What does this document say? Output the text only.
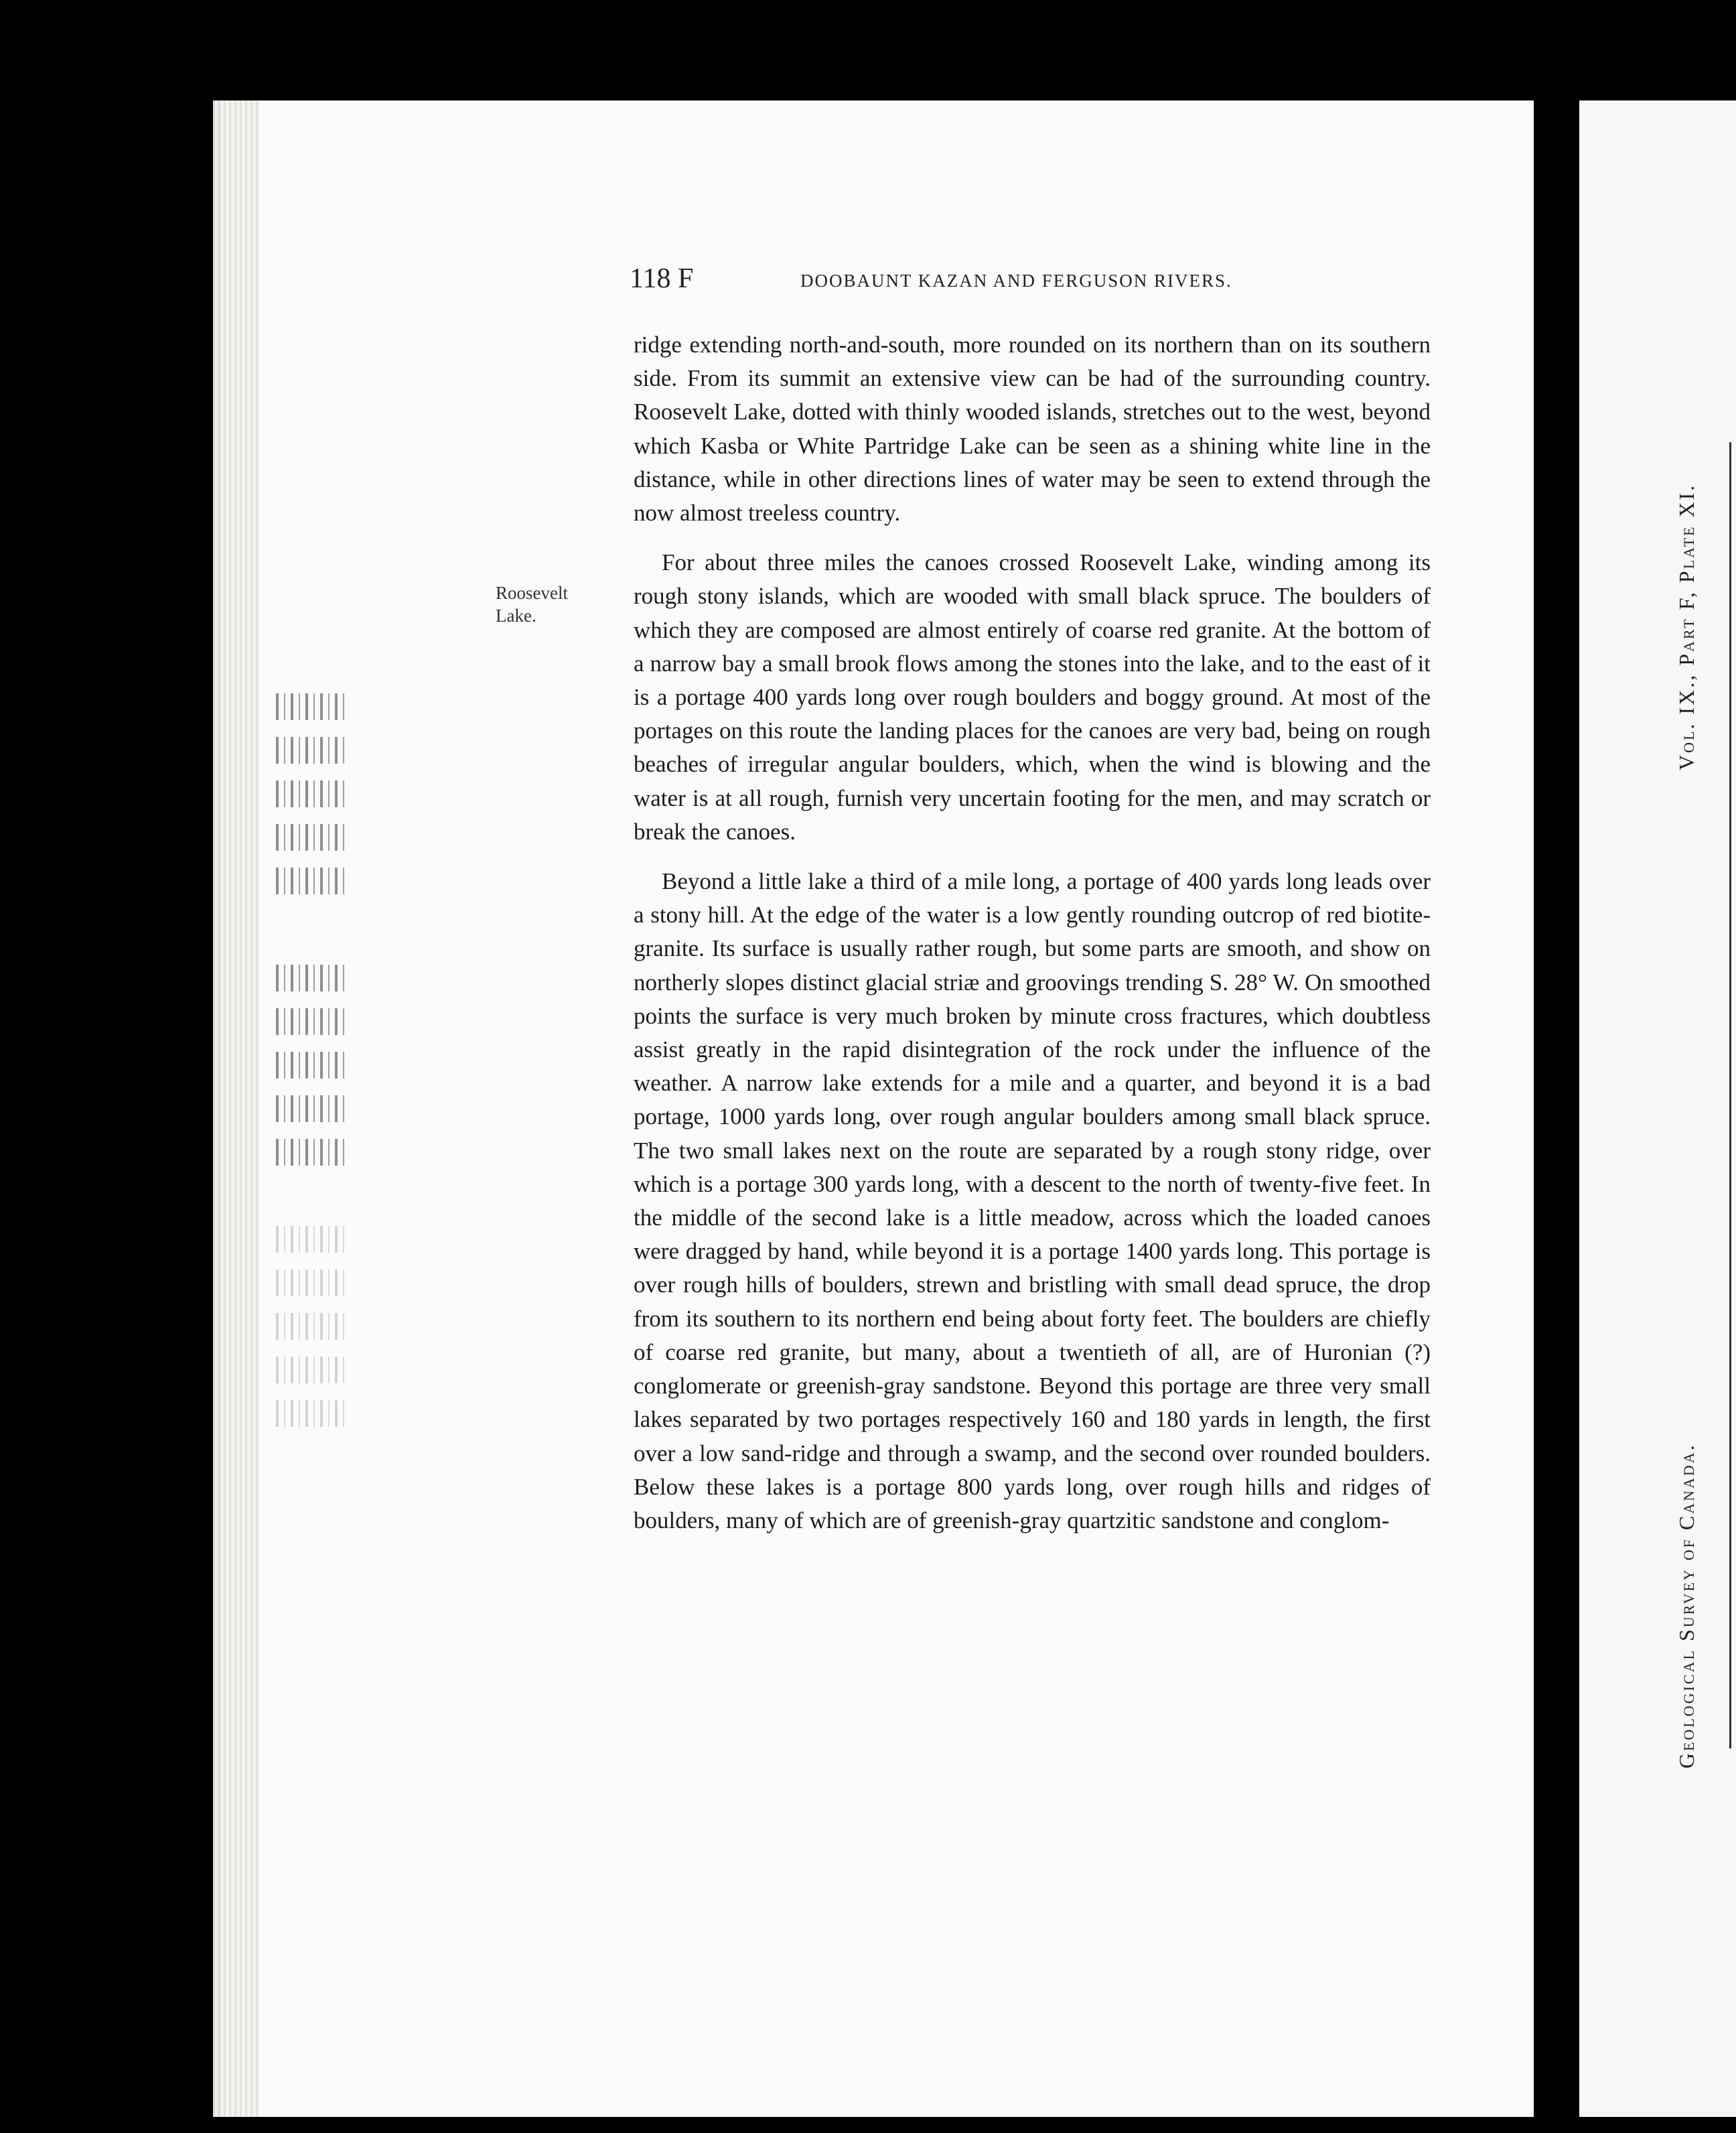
Vol. IX., Part F, Plate XI.
Geological Survey of Canada.
118 F	DOOBAUNT KAZAN AND FERGUSON RIVERS.
Roosevelt
Lake.

ridge extending north-and-south, more rounded on its northern than on its southern side. From its summit an extensive view can be had of the surrounding country. Roosevelt Lake, dotted with thinly wooded islands, stretches out to the west, beyond which Kasba or White Partridge Lake can be seen as a shining white line in the distance, while in other directions lines of water may be seen to extend through the now almost treeless country.

For about three miles the canoes crossed Roosevelt Lake, winding among its rough stony islands, which are wooded with small black spruce. The boulders of which they are composed are almost entirely of coarse red granite. At the bottom of a narrow bay a small brook flows among the stones into the lake, and to the east of it is a portage 400 yards long over rough boulders and boggy ground. At most of the portages on this route the landing places for the canoes are very bad, being on rough beaches of irregular angular boulders, which, when the wind is blowing and the water is at all rough, furnish very uncertain footing for the men, and may scratch or break the canoes.

Beyond a little lake a third of a mile long, a portage of 400 yards long leads over a stony hill. At the edge of the water is a low gently rounding outcrop of red biotite-granite. Its surface is usually rather rough, but some parts are smooth, and show on northerly slopes distinct glacial striæ and groovings trending S. 28° W. On smoothed points the surface is very much broken by minute cross fractures, which doubtless assist greatly in the rapid disintegration of the rock under the influence of the weather. A narrow lake extends for a mile and a quarter, and beyond it is a bad portage, 1000 yards long, over rough angular boulders among small black spruce. The two small lakes next on the route are separated by a rough stony ridge, over which is a portage 300 yards long, with a descent to the north of twenty-five feet. In the middle of the second lake is a little meadow, across which the loaded canoes were dragged by hand, while beyond it is a portage 1400 yards long. This portage is over rough hills of boulders, strewn and bristling with small dead spruce, the drop from its southern to its northern end being about forty feet. The boulders are chiefly of coarse red granite, but many, about a twentieth of all, are of Huronian (?) conglomerate or greenish-gray sandstone. Beyond this portage are three very small lakes separated by two portages respectively 160 and 180 yards in length, the first over a low sand-ridge and through a swamp, and the second over rounded boulders. Below these lakes is a portage 800 yards long, over rough hills and ridges of boulders, many of which are of greenish-gray quartzitic sandstone and conglom-
